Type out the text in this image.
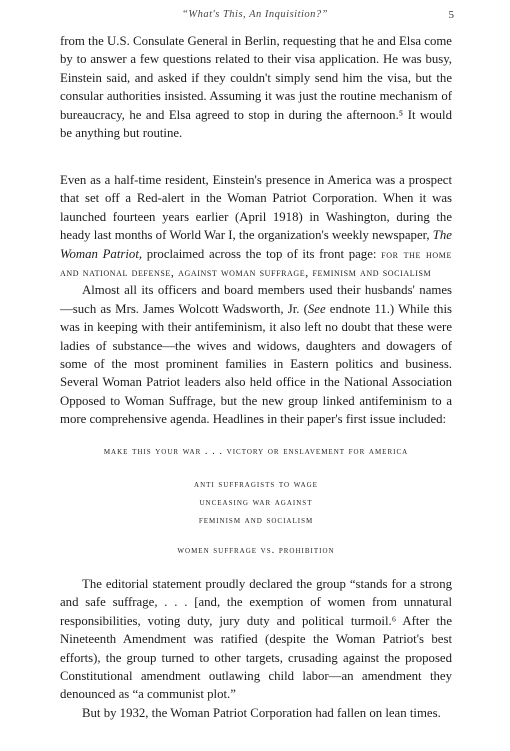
“What's This, An Inquisition?”	5

from the U.S. Consulate General in Berlin, requesting that he and Elsa come by to answer a few questions related to their visa application. He was busy, Einstein said, and asked if they couldn't simply send him the visa, but the consular authorities insisted. Assuming it was just the routine mechanism of bureaucracy, he and Elsa agreed to stop in during the afternoon.⁵ It would be anything but routine.

Even as a half-time resident, Einstein's presence in America was a prospect that set off a Red-alert in the Woman Patriot Corporation. When it was launched fourteen years earlier (April 1918) in Washington, during the heady last months of World War I, the organization's weekly newspaper, The Woman Patriot, proclaimed across the top of its front page: for the home and national defense, against woman suffrage, feminism and socialism

Almost all its officers and board members used their husbands' names—such as Mrs. James Wolcott Wadsworth, Jr. (See endnote 11.) While this was in keeping with their antifeminism, it also left no doubt that these were ladies of substance—the wives and widows, daughters and dowagers of some of the most prominent families in Eastern politics and business. Several Woman Patriot leaders also held office in the National Association Opposed to Woman Suffrage, but the new group linked antifeminism to a more comprehensive agenda. Headlines in their paper's first issue included:

make this your war . . . victory or enslavement for america
anti suffragists to wage
unceasing war against
feminism and socialism
women suffrage vs. prohibition

The editorial statement proudly declared the group “stands for a strong and safe suffrage, . . . [and, the exemption of women from unnatural responsibilities, voting duty, jury duty and political turmoil.⁶ After the Nineteenth Amendment was ratified (despite the Woman Patriot's best efforts), the group turned to other targets, crusading against the proposed Constitutional amendment outlawing child labor—an amendment they denounced as “a communist plot.”

But by 1932, the Woman Patriot Corporation had fallen on lean times.
